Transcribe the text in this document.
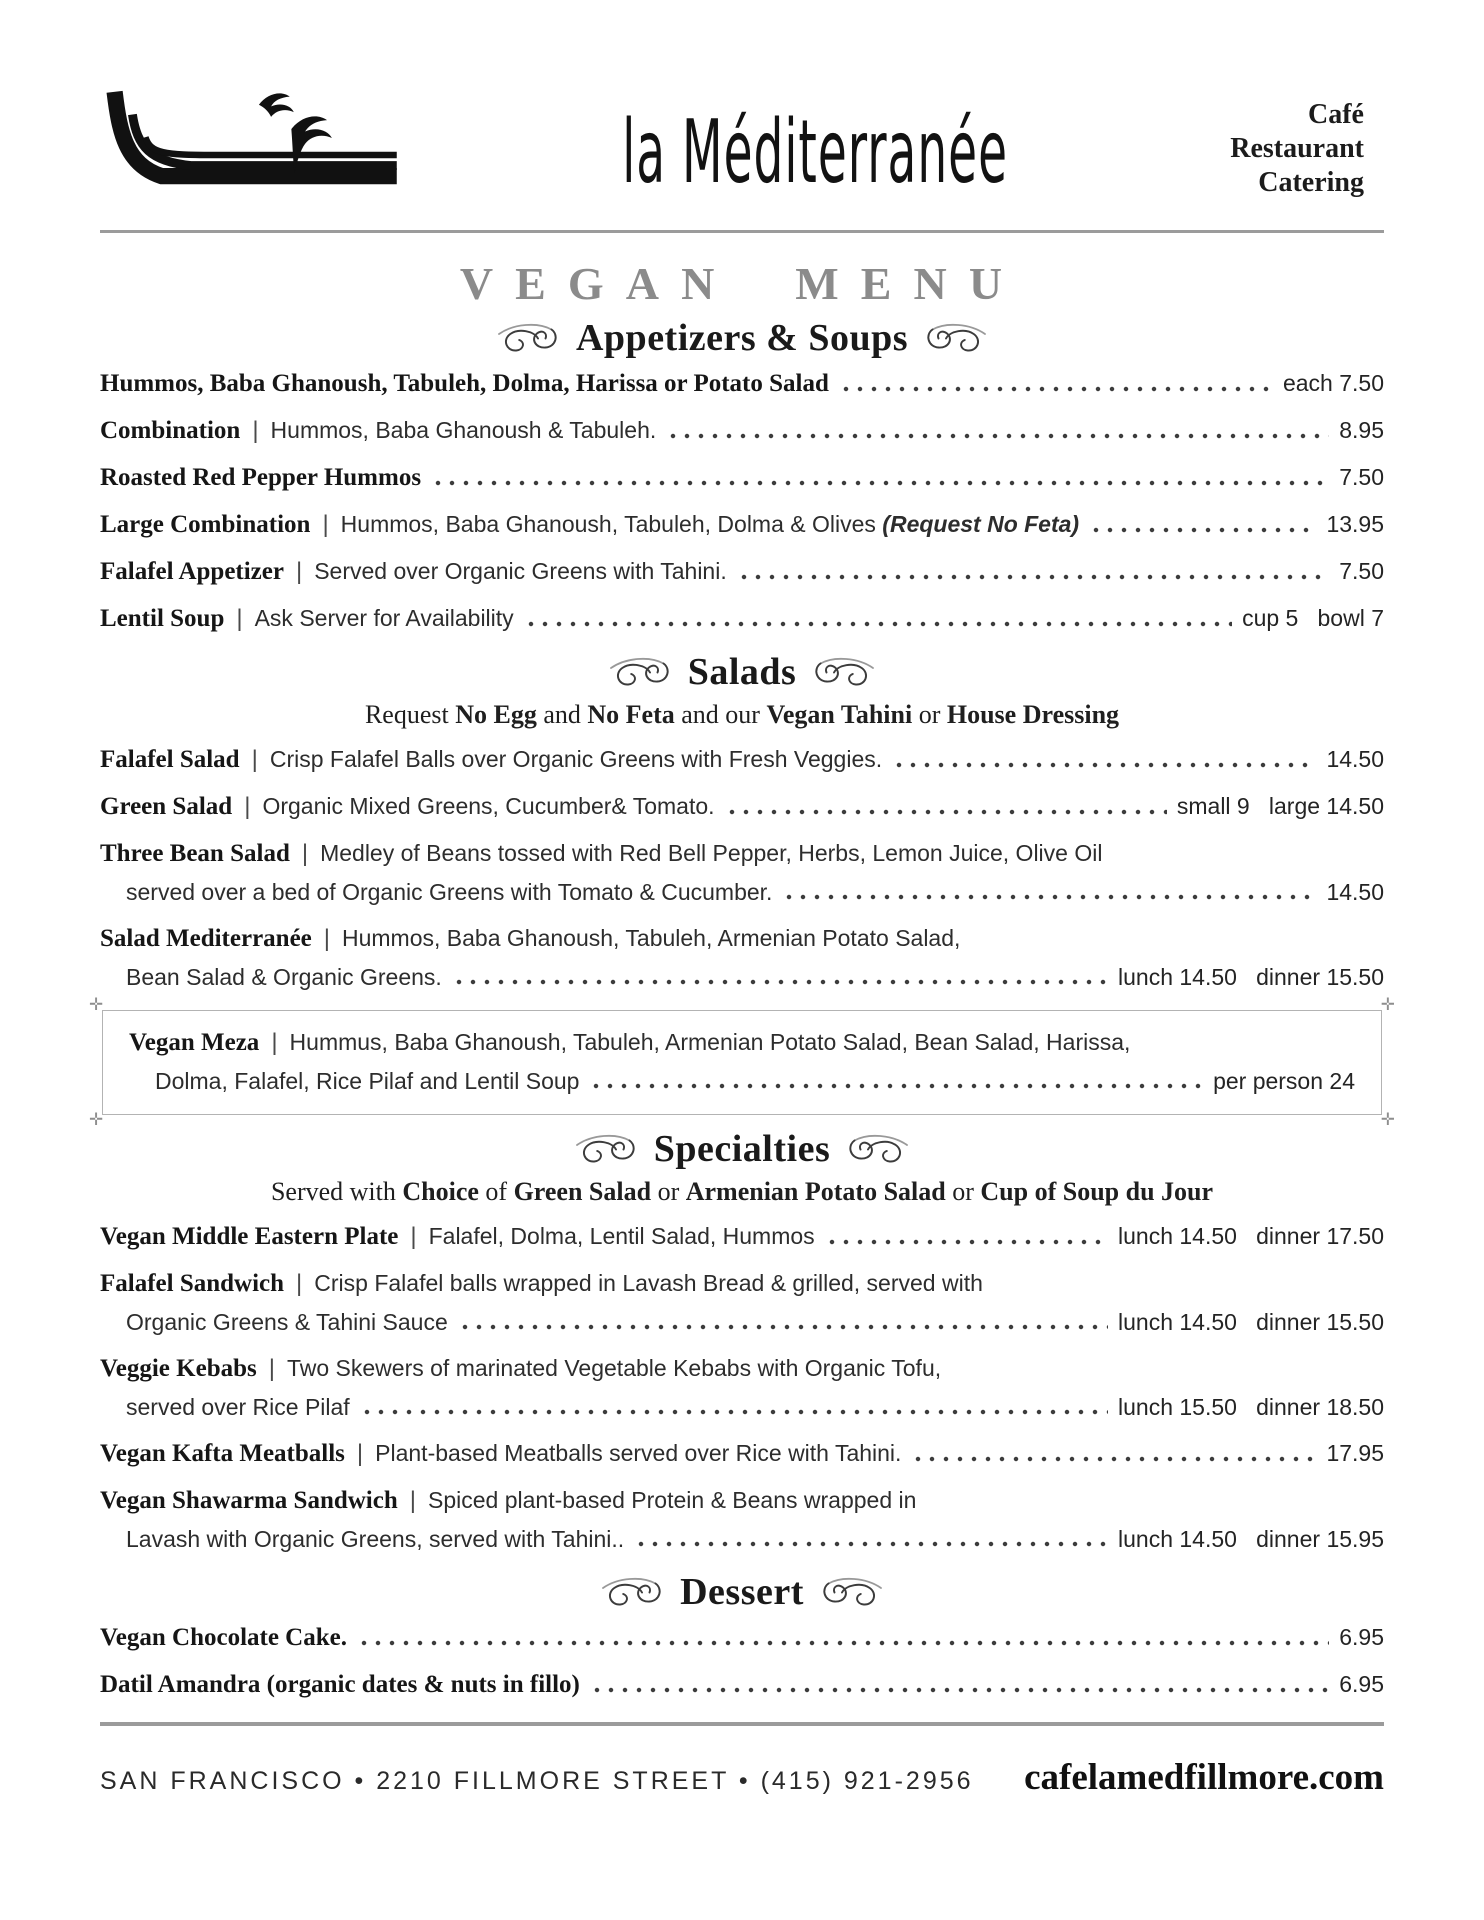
la Méditerranée	Café
Restaurant
Catering
VEGAN MENU
Appetizers & Soups
Hummos, Baba Ghanoush, Tabuleh, Dolma, Harissa or Potato Salad	each 7.50
Combination | Hummos, Baba Ghanoush & Tabuleh.	8.95
Roasted Red Pepper Hummos	7.50
Large Combination | Hummos, Baba Ghanoush, Tabuleh, Dolma & Olives (Request No Feta)	13.95
Falafel Appetizer | Served over Organic Greens with Tahini.	7.50
Lentil Soup | Ask Server for Availability	cup 5   bowl 7
Salads
Request No Egg and No Feta and our Vegan Tahini or House Dressing
Falafel Salad | Crisp Falafel Balls over Organic Greens with Fresh Veggies.	14.50
Green Salad | Organic Mixed Greens, Cucumber& Tomato.	small 9   large 14.50
Three Bean Salad | Medley of Beans tossed with Red Bell Pepper, Herbs, Lemon Juice, Olive Oil
served over a bed of Organic Greens with Tomato & Cucumber.	14.50
Salad Mediterranée | Hummos, Baba Ghanoush, Tabuleh, Armenian Potato Salad,
Bean Salad & Organic Greens.	lunch 14.50   dinner 15.50
Vegan Meza | Hummus, Baba Ghanoush, Tabuleh, Armenian Potato Salad, Bean Salad, Harissa,
Dolma, Falafel, Rice Pilaf and Lentil Soup	per person 24
Specialties
Served with Choice of Green Salad or Armenian Potato Salad or Cup of Soup du Jour
Vegan Middle Eastern Plate | Falafel, Dolma, Lentil Salad, Hummos	lunch 14.50   dinner 17.50
Falafel Sandwich | Crisp Falafel balls wrapped in Lavash Bread & grilled, served with
Organic Greens & Tahini Sauce	lunch 14.50   dinner 15.50
Veggie Kebabs | Two Skewers of marinated Vegetable Kebabs with Organic Tofu,
served over Rice Pilaf	lunch 15.50   dinner 18.50
Vegan Kafta Meatballs | Plant-based Meatballs served over Rice with Tahini.	17.95
Vegan Shawarma Sandwich | Spiced plant-based Protein & Beans wrapped in
Lavash with Organic Greens, served with Tahini..	lunch 14.50   dinner 15.95
Dessert
Vegan Chocolate Cake.	6.95
Datil Amandra (organic dates & nuts in fillo)	6.95
SAN FRANCISCO • 2210 FILLMORE STREET • (415) 921-2956 cafelamedfillmore.com
